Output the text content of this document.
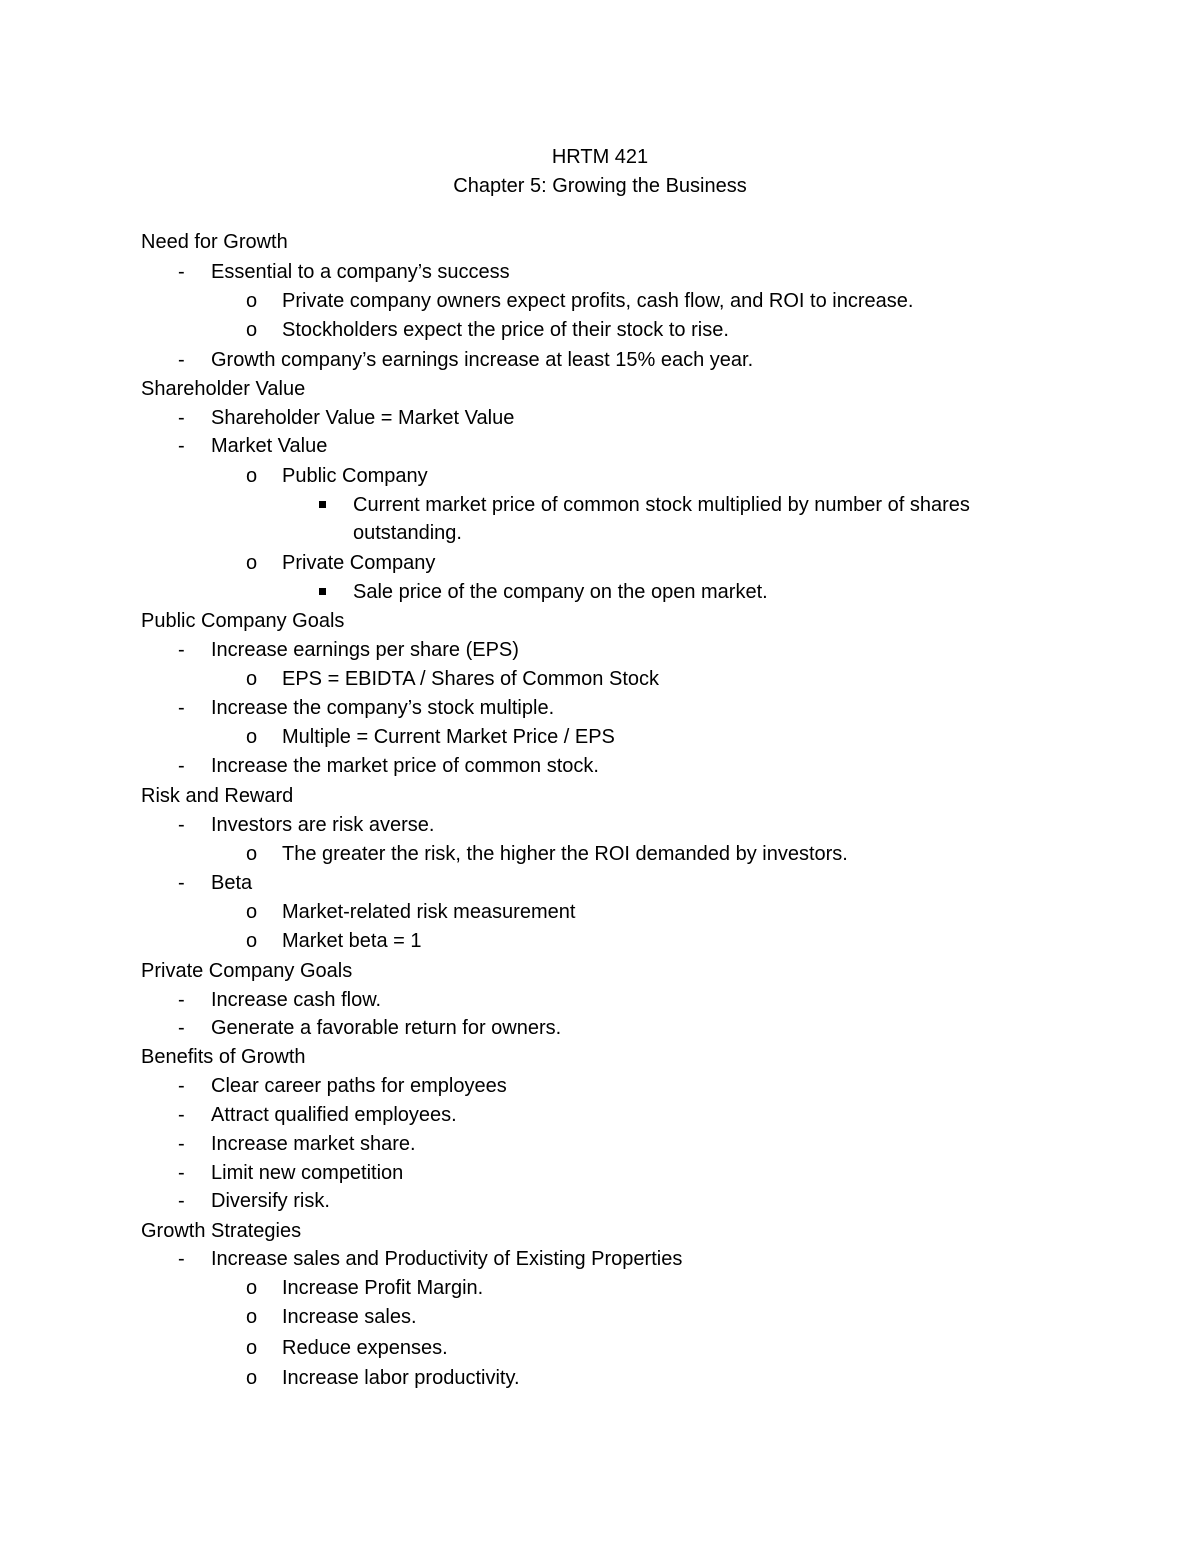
HRTM 421
Chapter 5: Growing the Business
Need for Growth
- Essential to a company’s success
o Private company owners expect profits, cash flow, and ROI to increase.
o Stockholders expect the price of their stock to rise.
- Growth company’s earnings increase at least 15% each year.
Shareholder Value
- Shareholder Value = Market Value
- Market Value
o Public Company
Current market price of common stock multiplied by number of shares
outstanding.
o Private Company
Sale price of the company on the open market.
Public Company Goals
- Increase earnings per share (EPS)
o EPS = EBIDTA / Shares of Common Stock
- Increase the company’s stock multiple.
o Multiple = Current Market Price / EPS
- Increase the market price of common stock.
Risk and Reward
- Investors are risk averse.
o The greater the risk, the higher the ROI demanded by investors.
- Beta
o Market-related risk measurement
o Market beta = 1
Private Company Goals
- Increase cash flow.
- Generate a favorable return for owners.
Benefits of Growth
- Clear career paths for employees
- Attract qualified employees.
- Increase market share.
- Limit new competition
- Diversify risk.
Growth Strategies
- Increase sales and Productivity of Existing Properties
o Increase Profit Margin.
o Increase sales.
o Reduce expenses.
o Increase labor productivity.
